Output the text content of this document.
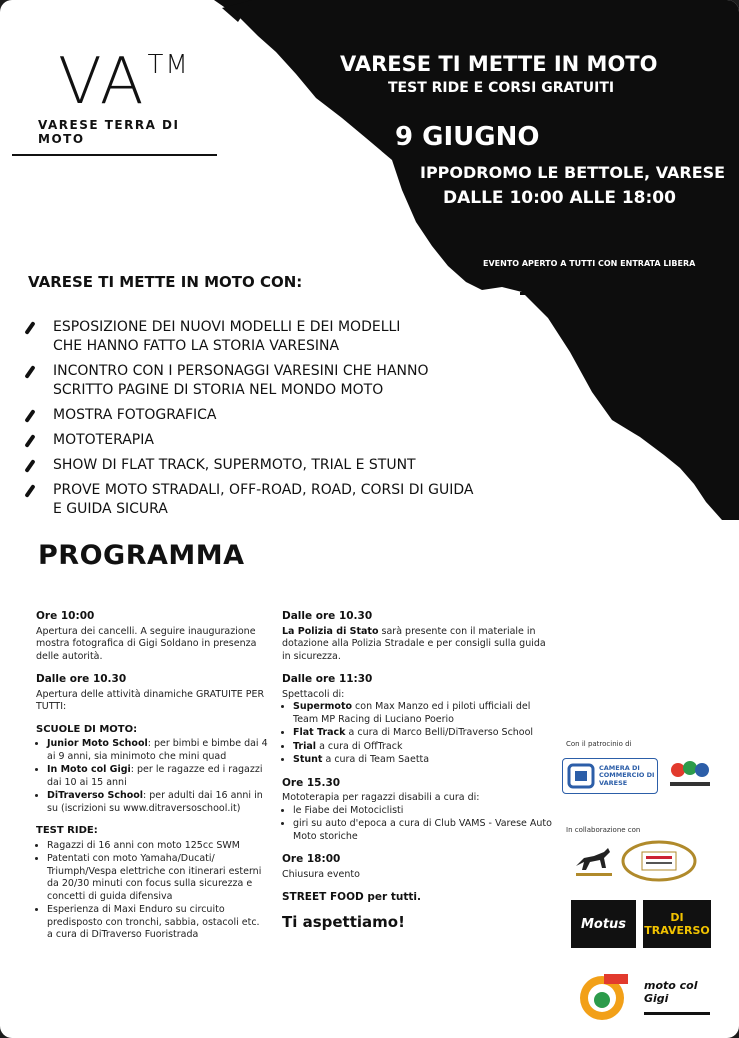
VA™
VARESE TERRA DI MOTO
VARESE TI METTE IN MOTO
TEST RIDE E CORSI GRATUITI
9 GIUGNO
IPPODROMO LE BETTOLE, VARESE
DALLE 10:00 ALLE 18:00
EVENTO APERTO A TUTTI CON ENTRATA LIBERA
VARESE TI METTE IN MOTO CON:
ESPOSIZIONE DEI NUOVI MODELLI E DEI MODELLI
CHE HANNO FATTO LA STORIA VARESINA
INCONTRO CON I PERSONAGGI VARESINI CHE HANNO
SCRITTO PAGINE DI STORIA NEL MONDO MOTO
MOSTRA FOTOGRAFICA
MOTOTERAPIA
SHOW DI FLAT TRACK, SUPERMOTO, TRIAL E STUNT
PROVE MOTO STRADALI, OFF-ROAD, ROAD, CORSI DI GUIDA
E GUIDA SICURA
PROGRAMMA
Ore 10:00
Apertura dei cancelli. A seguire inaugurazione mostra fotografica di Gigi Soldano in presenza delle autorità.
Dalle ore 10.30
Apertura delle attività dinamiche GRATUITE PER TUTTI:
SCUOLE DI MOTO:
• Junior Moto School: per bimbi e bimbe dai 4 ai 9 anni, sia minimoto che mini quad
• In Moto col Gigi: per le ragazze ed i ragazzi dai 10 ai 15 anni
• DiTraverso School: per adulti dai 16 anni in su (iscrizioni su www.ditraversoschool.it)
TEST RIDE:
• Ragazzi di 16 anni con moto 125cc SWM
• Patentati con moto Yamaha/Ducati/ Triumph/Vespa elettriche con itinerari esterni da 20/30 minuti con focus sulla sicurezza e concetti di guida difensiva
• Esperienza di Maxi Enduro su circuito predisposto con tronchi, sabbia, ostacoli etc. a cura di DiTraverso Fuoristrada
Dalle ore 10.30
La Polizia di Stato sarà presente con il materiale in dotazione alla Polizia Stradale e per consigli sulla guida in sicurezza.
Dalle ore 11:30
Spettacoli di:
• Supermoto con Max Manzo ed i piloti ufficiali del Team MP Racing di Luciano Poerio
• Flat Track a cura di Marco Belli/DiTraverso School
• Trial a cura di OffTrack
• Stunt a cura di Team Saetta
Ore 15.30
Mototerapia per ragazzi disabili a cura di:
• le Fiabe dei Motociclisti
• giri su auto d'epoca a cura di Club VAMS - Varese Auto Moto storiche
Ore 18:00
Chiusura evento
STREET FOOD per tutti.
Ti aspettiamo!
Con il patrocinio di
CAMERA DI COMMERCIO DI VARESE
In collaborazione con
Motus	DI TRAVERSO
moto col Gigi
